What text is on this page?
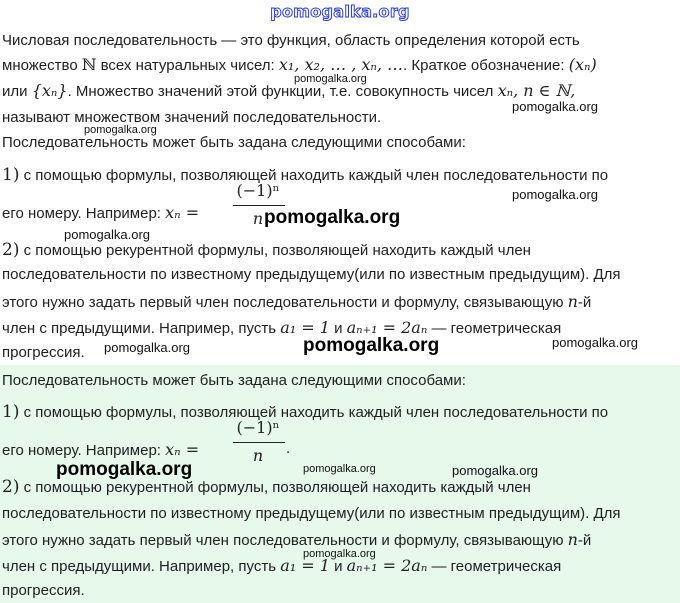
pomogalka.org
Числовая последовательность — это функция, область определения которой есть
множество ℕ всех натуральных чисел: x₁, x₂, … , xₙ, …. Краткое обозначение: (xₙ)
или {xₙ}. Множество значений этой функции, т.е. совокупность чисел xₙ, n ∈ ℕ,
называют множеством значений последовательности.
Последовательность может быть задана следующими способами:
1) с помощью формулы, позволяющей находить каждый член последовательности по
его номеру. Например: xₙ =
(−1)ⁿ
n
2) с помощью рекурентной формулы, позволяющей находить каждый член
последовательности по известному предыдущему(или по известным предыдущим). Для
этого нужно задать первый член последовательности и формулу, связывающую n-й
член с предыдущими. Например, пусть a₁ = 1 и aₙ₊₁ = 2aₙ — геометрическая
прогрессия.
Последовательность может быть задана следующими способами:
1) с помощью формулы, позволяющей находить каждый член последовательности по
его номеру. Например: xₙ =
(−1)ⁿ
n	.
2) с помощью рекурентной формулы, позволяющей находить каждый член
последовательности по известному предыдущему(или по известным предыдущим). Для
этого нужно задать первый член последовательности и формулу, связывающую n-й
член с предыдущими. Например, пусть a₁ = 1 и aₙ₊₁ = 2aₙ — геометрическая
прогрессия.
pomogalka.org
pomogalka.org
pomogalka.org
pomogalka.org
pomogalka.org
pomogalka.org
pomogalka.org	pomogalka.org	pomogalka.org
pomogalka.org	pomogalka.org	pomogalka.org
pomogalka.org
